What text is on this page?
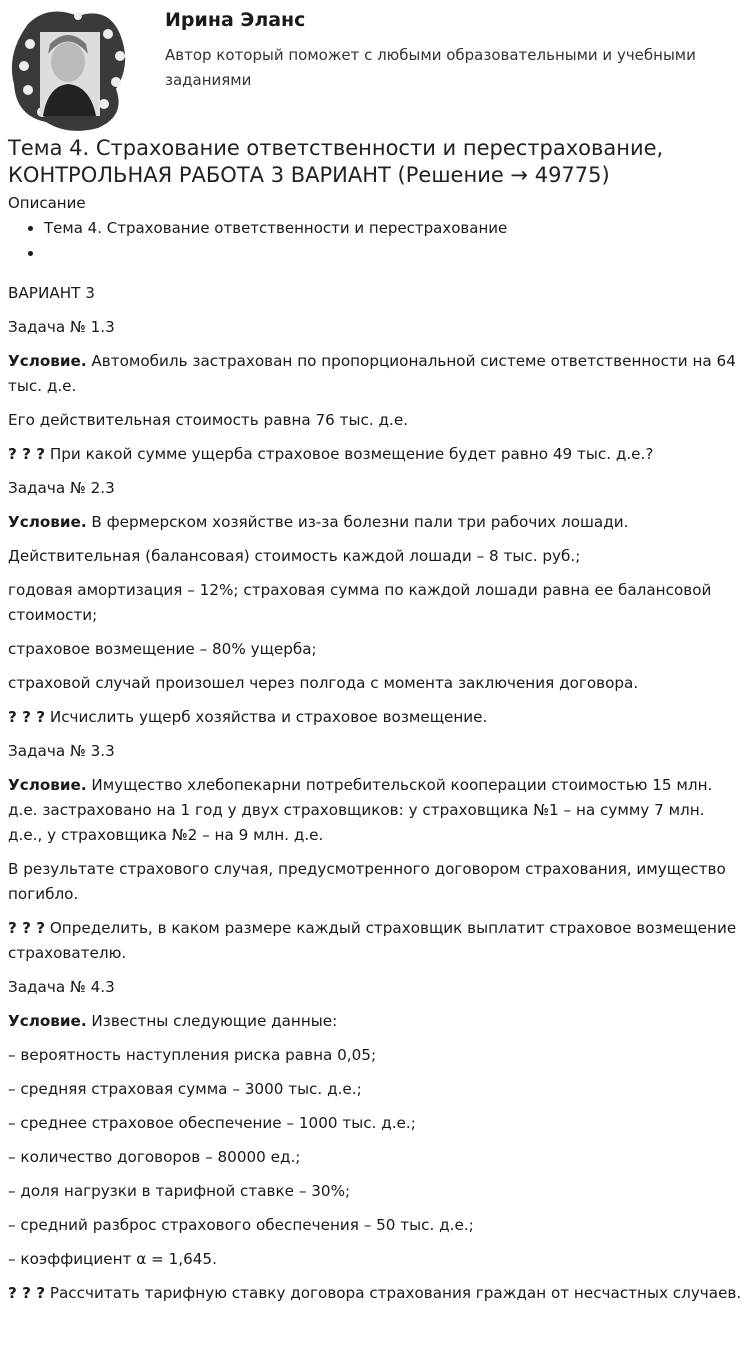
Ирина Эланс
Автор который поможет с любыми образовательными и учебными заданиями
Тема 4. Страхование ответственности и перестрахование, КОНТРОЛЬНАЯ РАБОТА 3 ВАРИАНТ (Решение → 49775)
Описание
• Тема 4. Страхование ответственности и перестрахование
•

ВАРИАНТ 3

Задача № 1.3

Условие. Автомобиль застрахован по пропорциональной системе ответственности на 64 тыс. д.е.

Его действительная стоимость равна 76 тыс. д.е.

? ? ? При какой сумме ущерба страховое возмещение будет равно 49 тыс. д.е.?

Задача № 2.3

Условие. В фермерском хозяйстве из-за болезни пали три рабочих лошади.

Действительная (балансовая) стоимость каждой лошади – 8 тыс. руб.;

годовая амортизация – 12%; страховая сумма по каждой лошади равна ее балансовой стоимости;

страховое возмещение – 80% ущерба;

страховой случай произошел через полгода с момента заключения договора.

? ? ? Исчислить ущерб хозяйства и страховое возмещение.

Задача № 3.3

Условие. Имущество хлебопекарни потребительской кооперации стоимостью 15 млн. д.е. застраховано на 1 год у двух страховщиков: у страховщика №1 – на сумму 7 млн. д.е., у страховщика №2 – на 9 млн. д.е.

В результате страхового случая, предусмотренного договором страхования, имущество погибло.

? ? ? Определить, в каком размере каждый страховщик выплатит страховое возмещение страхователю.

Задача № 4.3

Условие. Известны следующие данные:

– вероятность наступления риска равна 0,05;

– средняя страховая сумма – 3000 тыс. д.е.;

– среднее страховое обеспечение – 1000 тыс. д.е.;

– количество договоров – 80000 ед.;

– доля нагрузки в тарифной ставке – 30%;

– средний разброс страхового обеспечения – 50 тыс. д.е.;

– коэффициент α = 1,645.

? ? ? Рассчитать тарифную ставку договора страхования граждан от несчастных случаев.
